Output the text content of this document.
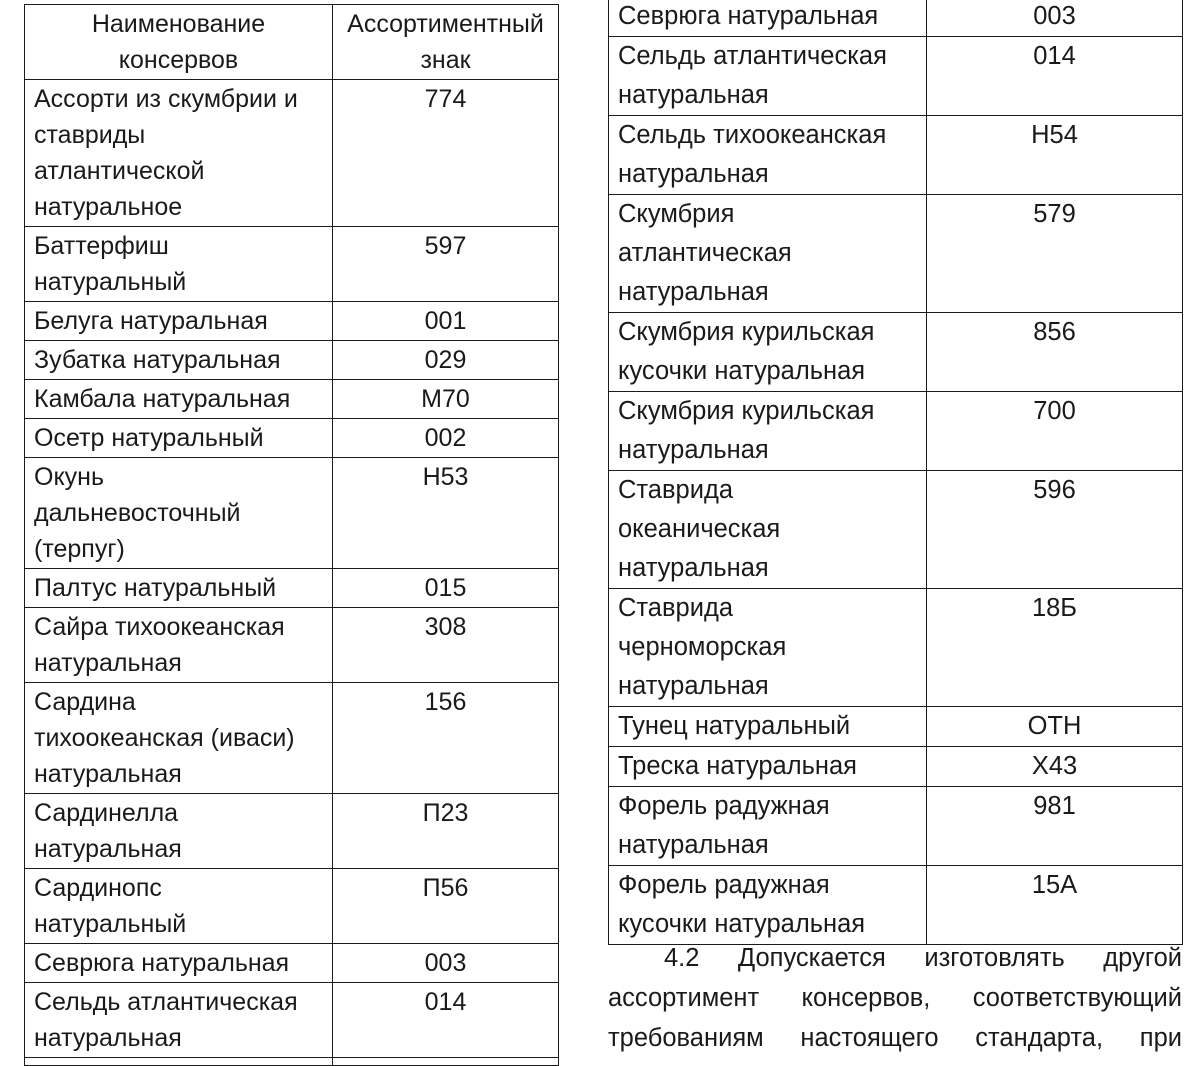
Наименование
консервов	Ассортиментный
знак
Ассорти из скумбрии и
ставриды
атлантической
натуральное	774
Баттерфиш
натуральный	597
Белуга натуральная	001
Зубатка натуральная	029
Камбала натуральная	М70
Осетр натуральный	002
Окунь
дальневосточный
(терпуг)	Н53
Палтус натуральный	015
Сайра тихоокеанская
натуральная	308
Сардина
тихоокеанская (иваси)
натуральная	156
Сардинелла
натуральная	П23
Сардинопс
натуральный	П56
Севрюга натуральная	003
Сельдь атлантическая
натуральная	014

Севрюга натуральная	003
Сельдь атлантическая
натуральная	014
Сельдь тихоокеанская
натуральная	Н54
Скумбрия
атлантическая
натуральная	579
Скумбрия курильская
кусочки натуральная	856
Скумбрия курильская
натуральная	700
Ставрида
океаническая
натуральная	596
Ставрида
черноморская
натуральная	18Б
Тунец натуральный	ОТН
Треска натуральная	Х43
Форель радужная
натуральная	981
Форель радужная
кусочки натуральная	15А
4.2 Допускается изготовлять другой
ассортимент консервов, соответствующий
требованиям настоящего стандарта, при
